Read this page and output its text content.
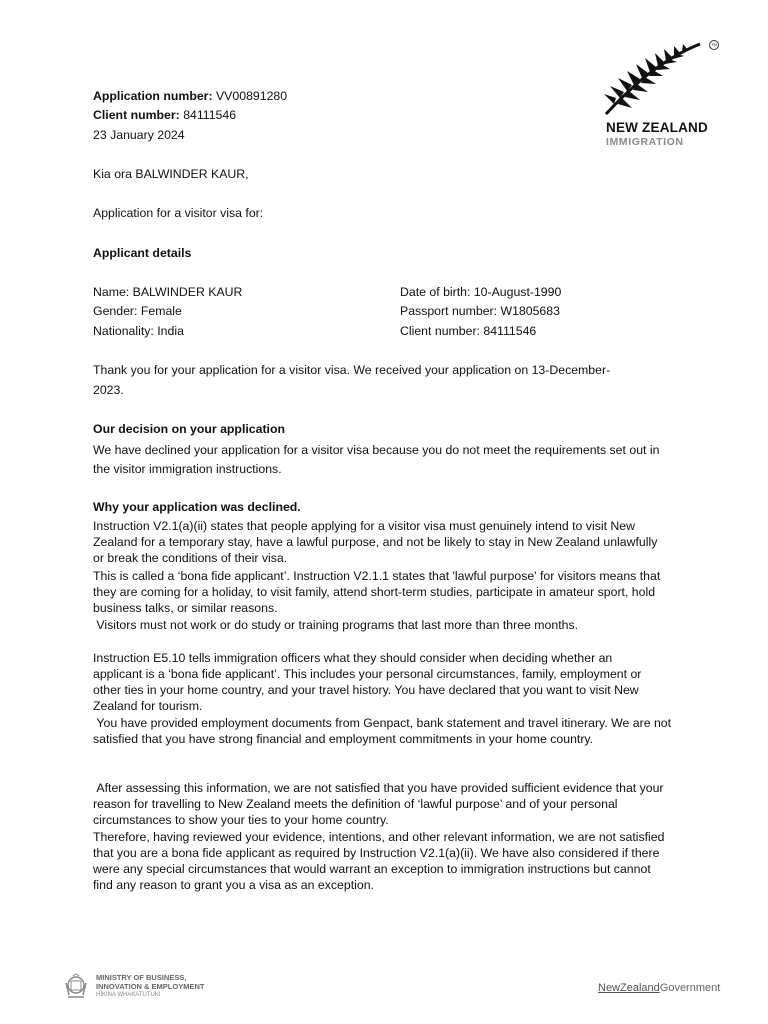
TM
NEW ZEALAND
IMMIGRATION
Application number: VV00891280
Client number: 84111546
23 January 2024
Kia ora BALWINDER KAUR,
Application for a visitor visa for:
Applicant details
Name: BALWINDER KAUR
Gender: Female
Nationality: India
Date of birth: 10-August-1990
Passport number: W1805683
Client number: 84111546
Thank you for your application for a visitor visa. We received your application on 13-December-
2023.
Our decision on your application
We have declined your application for a visitor visa because you do not meet the requirements set out in the visitor immigration instructions.
Why your application was declined.
Instruction V2.1(a)(ii) states that people applying for a visitor visa must genuinely intend to visit New Zealand for a temporary stay, have a lawful purpose, and not be likely to stay in New Zealand unlawfully or break the conditions of their visa.
This is called a ‘bona fide applicant’. Instruction V2.1.1 states that 'lawful purpose' for visitors means that they are coming for a holiday, to visit family, attend short-term studies, participate in amateur sport, hold business talks, or similar reasons.
Visitors must not work or do study or training programs that last more than three months.
Instruction E5.10 tells immigration officers what they should consider when deciding whether an applicant is a ‘bona fide applicant’. This includes your personal circumstances, family, employment or other ties in your home country, and your travel history. You have declared that you want to visit New Zealand for tourism.
You have provided employment documents from Genpact, bank statement and travel itinerary. We are not satisfied that you have strong financial and employment commitments in your home country.
After assessing this information, we are not satisfied that you have provided sufficient evidence that your reason for travelling to New Zealand meets the definition of ‘lawful purpose’ and of your personal circumstances to show your ties to your home country.
Therefore, having reviewed your evidence, intentions, and other relevant information, we are not satisfied that you are a bona fide applicant as required by Instruction V2.1(a)(ii). We have also considered if there were any special circumstances that would warrant an exception to immigration instructions but cannot find any reason to grant you a visa as an exception.
MINISTRY OF BUSINESS,
INNOVATION & EMPLOYMENT
HĪKINA WHAKATUTUKI
NewZealandGovernment
